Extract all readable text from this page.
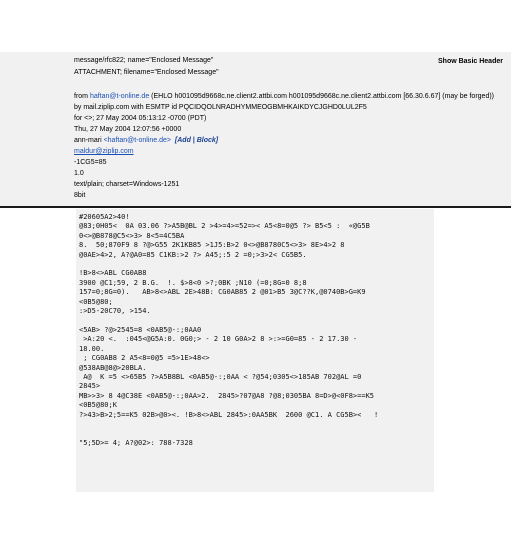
message/rfc822; name="Enclosed Message"
ATTACHMENT; filename="Enclosed Message"
from haftan@t-online.de (EHLO h001095d9668c.ne.client2.attbi.com h001095d9668c.ne.client2.attbi.com [66.30.6.67] (may be forged))
by mail.ziplip.com with ESMTP id PQCIDQOLNRADHYMMEOGBMHKAIKDYCJGHD0LUL2F5
for <>; 27 May 2004 05:13:12 -0700 (PDT)
Thu, 27 May 2004 12:07:56 +0000
ann-mari <haftan@t-online.de> [Add | Block]
maldur@ziplip.com
-1CG5=85
1.0
text/plain; charset=Windows-1251
8bit
Show Basic Header
#20605A2>40!
@83;0H05<  0A 03.06 ?>A5B@BL 2 >4>=4>=52=>< A5<8=0@5 ?> B5<5 :  «@G5B
0<>@B878@C5<>3> 8<5=4C5BA
8.  50;870F9 8 ?@>G55 2K1KB85 >1J5:B>2 0<>@B8780C5<>3> 8E>4>2 8
@0AE>4>2, A?@A0=85 C1KB:>2 ?> A45;:5 2 =0;>3>2< CG5B5.

!B>8<>ABL CG0AB8
3900 @C1;59, 2 B.G.  !. $>8<0 >?;0BK ;N10 (=0;8G=0 8;8
157=0;8G=0).   AB>8<>ABL 2E>48B: CG0AB85 2 @01>B5 3@C??K,@0740B>G=K9
<0B5@80;
:>D5-20C70, >154.

<5AB> ?@>2545=8 <0AB5@-:;0AA0
>A:20 <.  :045<@G5A:0. 0G0;> - 2 10 G0A>2 8 >:>=G0=85 - 2 17.30 -
18.00.
; CG0AB8 2 A5<8=0@5 =5>1E>48<>
@538AB@8@>20BLA.
A@  K =5 <>65B5 ?>A5B8BL <0AB5@-:;0AA < ?@54;0305<>185AB 702@AL =0
2845>
MB>>3> 8 4@C38E <0AB5@-:;0AA>2.  2845>?07@A8 ?@8;0305BA 8=D>@<0F8>==K5
<0B5@80;K
?>43>B>2;5==K5 02B>@0><. !B>8<>ABL 2845>:0AA5BK  2600 @C1. A CG5B><   !

"5;5D>= 4; A?@02>: 788-7328
